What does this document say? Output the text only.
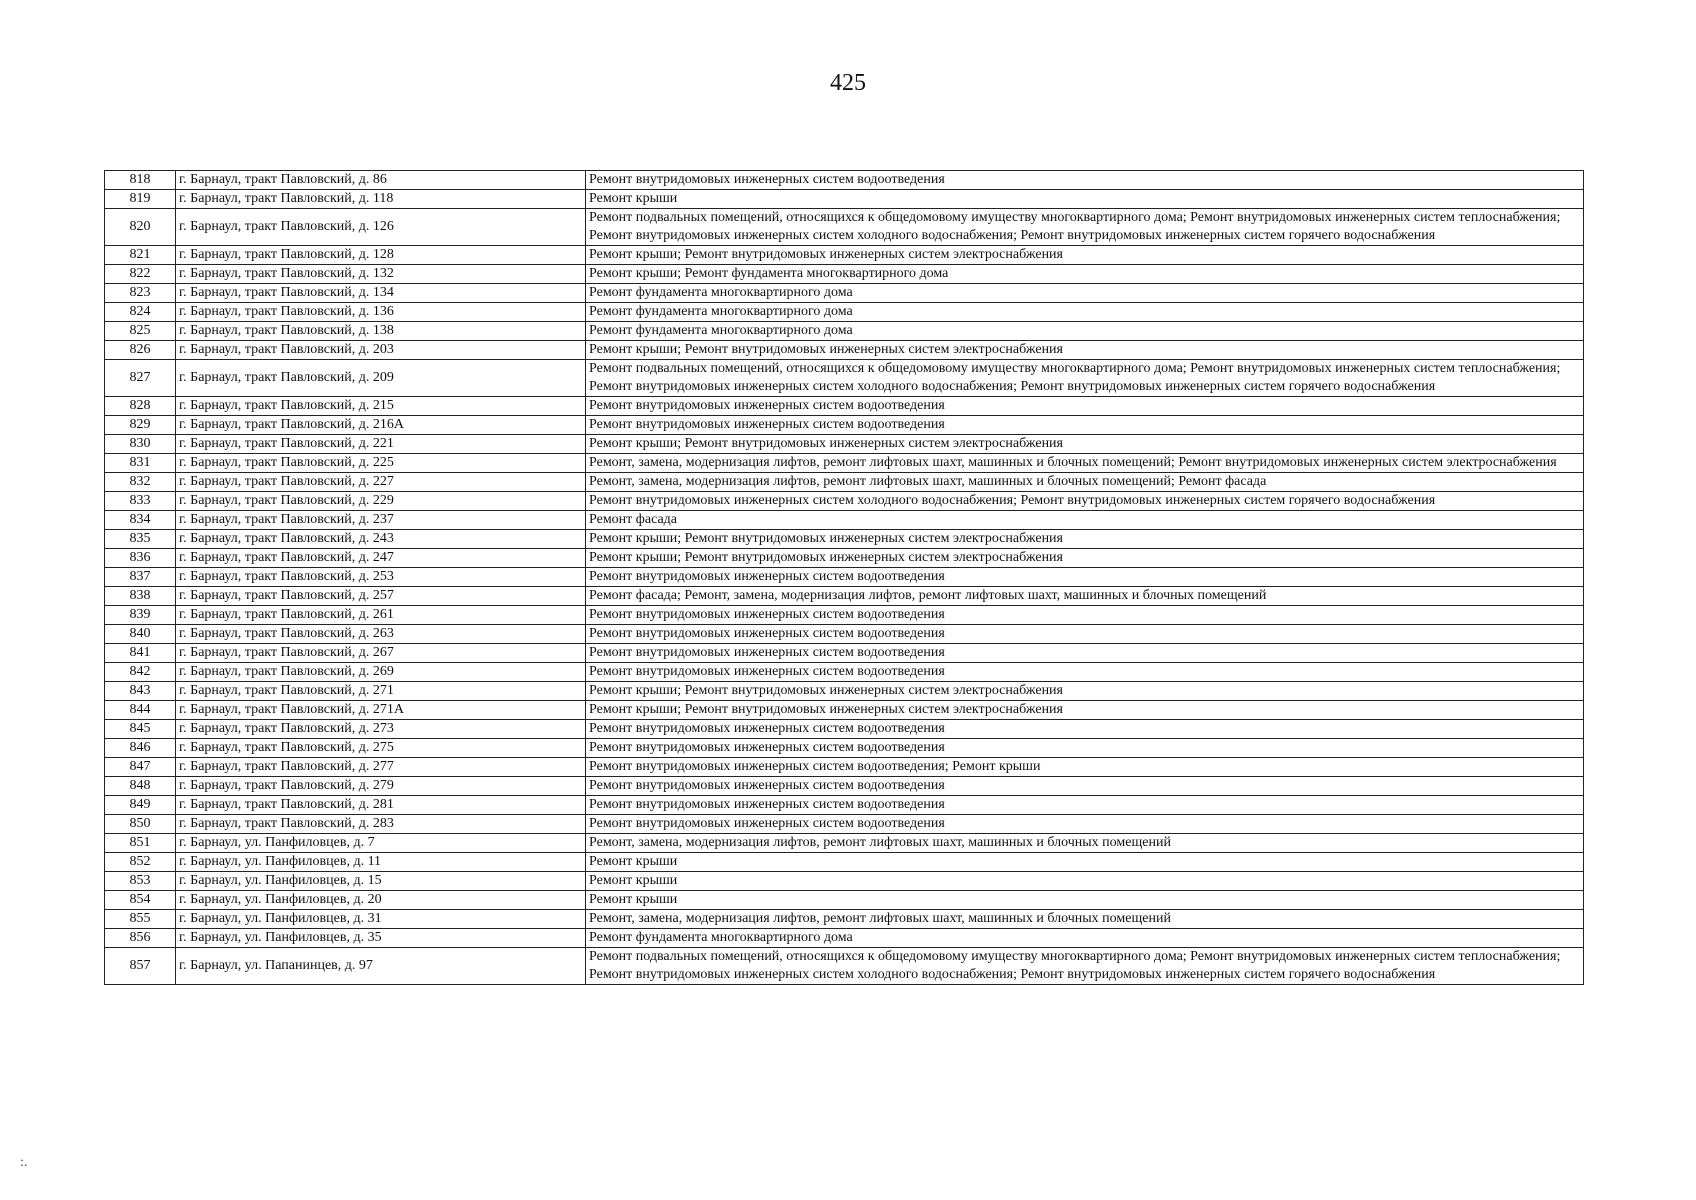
425
818	г. Барнаул, тракт Павловский, д. 86	Ремонт внутридомовых инженерных систем водоотведения
819	г. Барнаул, тракт Павловский, д. 118	Ремонт крыши
820	г. Барнаул, тракт Павловский, д. 126	Ремонт подвальных помещений, относящихся к общедомовому имуществу многоквартирного дома; Ремонт внутридомовых инженерных систем теплоснабжения; Ремонт внутридомовых инженерных систем холодного водоснабжения; Ремонт внутридомовых инженерных систем горячего водоснабжения
821	г. Барнаул, тракт Павловский, д. 128	Ремонт крыши; Ремонт внутридомовых инженерных систем электроснабжения
822	г. Барнаул, тракт Павловский, д. 132	Ремонт крыши; Ремонт фундамента многоквартирного дома
823	г. Барнаул, тракт Павловский, д. 134	Ремонт фундамента многоквартирного дома
824	г. Барнаул, тракт Павловский, д. 136	Ремонт фундамента многоквартирного дома
825	г. Барнаул, тракт Павловский, д. 138	Ремонт фундамента многоквартирного дома
826	г. Барнаул, тракт Павловский, д. 203	Ремонт крыши; Ремонт внутридомовых инженерных систем электроснабжения
827	г. Барнаул, тракт Павловский, д. 209	Ремонт подвальных помещений, относящихся к общедомовому имуществу многоквартирного дома; Ремонт внутридомовых инженерных систем теплоснабжения; Ремонт внутридомовых инженерных систем холодного водоснабжения; Ремонт внутридомовых инженерных систем горячего водоснабжения
828	г. Барнаул, тракт Павловский, д. 215	Ремонт внутридомовых инженерных систем водоотведения
829	г. Барнаул, тракт Павловский, д. 216А	Ремонт внутридомовых инженерных систем водоотведения
830	г. Барнаул, тракт Павловский, д. 221	Ремонт крыши; Ремонт внутридомовых инженерных систем электроснабжения
831	г. Барнаул, тракт Павловский, д. 225	Ремонт, замена, модернизация лифтов, ремонт лифтовых шахт, машинных и блочных помещений; Ремонт внутридомовых инженерных систем электроснабжения
832	г. Барнаул, тракт Павловский, д. 227	Ремонт, замена, модернизация лифтов, ремонт лифтовых шахт, машинных и блочных помещений; Ремонт фасада
833	г. Барнаул, тракт Павловский, д. 229	Ремонт внутридомовых инженерных систем холодного водоснабжения; Ремонт внутридомовых инженерных систем горячего водоснабжения
834	г. Барнаул, тракт Павловский, д. 237	Ремонт фасада
835	г. Барнаул, тракт Павловский, д. 243	Ремонт крыши; Ремонт внутридомовых инженерных систем электроснабжения
836	г. Барнаул, тракт Павловский, д. 247	Ремонт крыши; Ремонт внутридомовых инженерных систем электроснабжения
837	г. Барнаул, тракт Павловский, д. 253	Ремонт внутридомовых инженерных систем водоотведения
838	г. Барнаул, тракт Павловский, д. 257	Ремонт фасада; Ремонт, замена, модернизация лифтов, ремонт лифтовых шахт, машинных и блочных помещений
839	г. Барнаул, тракт Павловский, д. 261	Ремонт внутридомовых инженерных систем водоотведения
840	г. Барнаул, тракт Павловский, д. 263	Ремонт внутридомовых инженерных систем водоотведения
841	г. Барнаул, тракт Павловский, д. 267	Ремонт внутридомовых инженерных систем водоотведения
842	г. Барнаул, тракт Павловский, д. 269	Ремонт внутридомовых инженерных систем водоотведения
843	г. Барнаул, тракт Павловский, д. 271	Ремонт крыши; Ремонт внутридомовых инженерных систем электроснабжения
844	г. Барнаул, тракт Павловский, д. 271А	Ремонт крыши; Ремонт внутридомовых инженерных систем электроснабжения
845	г. Барнаул, тракт Павловский, д. 273	Ремонт внутридомовых инженерных систем водоотведения
846	г. Барнаул, тракт Павловский, д. 275	Ремонт внутридомовых инженерных систем водоотведения
847	г. Барнаул, тракт Павловский, д. 277	Ремонт внутридомовых инженерных систем водоотведения; Ремонт крыши
848	г. Барнаул, тракт Павловский, д. 279	Ремонт внутридомовых инженерных систем водоотведения
849	г. Барнаул, тракт Павловский, д. 281	Ремонт внутридомовых инженерных систем водоотведения
850	г. Барнаул, тракт Павловский, д. 283	Ремонт внутридомовых инженерных систем водоотведения
851	г. Барнаул, ул. Панфиловцев, д. 7	Ремонт, замена, модернизация лифтов, ремонт лифтовых шахт, машинных и блочных помещений
852	г. Барнаул, ул. Панфиловцев, д. 11	Ремонт крыши
853	г. Барнаул, ул. Панфиловцев, д. 15	Ремонт крыши
854	г. Барнаул, ул. Панфиловцев, д. 20	Ремонт крыши
855	г. Барнаул, ул. Панфиловцев, д. 31	Ремонт, замена, модернизация лифтов, ремонт лифтовых шахт, машинных и блочных помещений
856	г. Барнаул, ул. Панфиловцев, д. 35	Ремонт фундамента многоквартирного дома
857	г. Барнаул, ул. Папанинцев, д. 97	Ремонт подвальных помещений, относящихся к общедомовому имуществу многоквартирного дома; Ремонт внутридомовых инженерных систем теплоснабжения; Ремонт внутридомовых инженерных систем холодного водоснабжения; Ремонт внутридомовых инженерных систем горячего водоснабжения
:.
